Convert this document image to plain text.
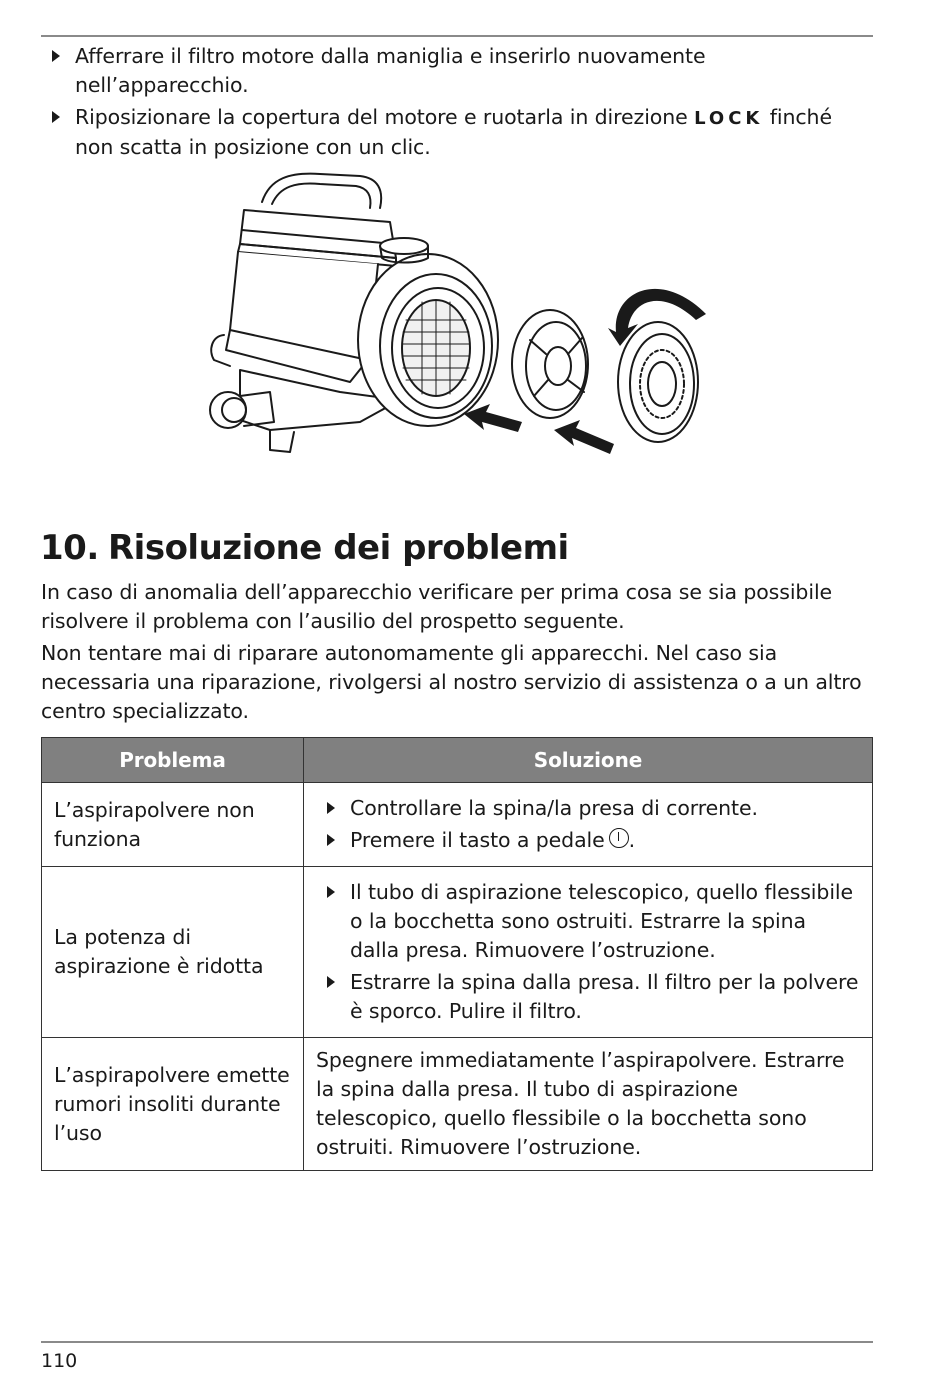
Afferrare il filtro motore dalla maniglia e inserirlo nuovamente nell’apparecchio.
Riposizionare la copertura del motore e ruotarla in direzione LOCK finché non scatta in posizione con un clic.
10. Risoluzione dei problemi

In caso di anomalia dell’apparecchio verificare per prima cosa se sia possibile risolvere il problema con l’ausilio del prospetto seguente.

Non tentare mai di riparare autonomamente gli apparecchi. Nel caso sia necessaria una riparazione, rivolgersi al nostro servizio di assistenza o a un altro centro specializzato.

Problema	Soluzione
L’aspirapolvere non funziona	Controllare la spina/la presa di corrente.
Premere il tasto a pedale .

La potenza di aspirazione è ridotta	Il tubo di aspirazione telescopico, quello flessibile o la bocchetta sono ostruiti. Estrarre la spina dalla presa. Rimuovere l’ostruzione.
Estrarre la spina dalla presa. Il filtro per la polvere è sporco. Pulire il filtro.

L’aspirapolvere emette rumori insoliti durante l’uso	Spegnere immediatamente l’aspirapolvere. Estrarre la spina dalla presa. Il tubo di aspirazione telescopico, quello flessibile o la bocchetta sono ostruiti. Rimuovere l’ostruzione.
110
